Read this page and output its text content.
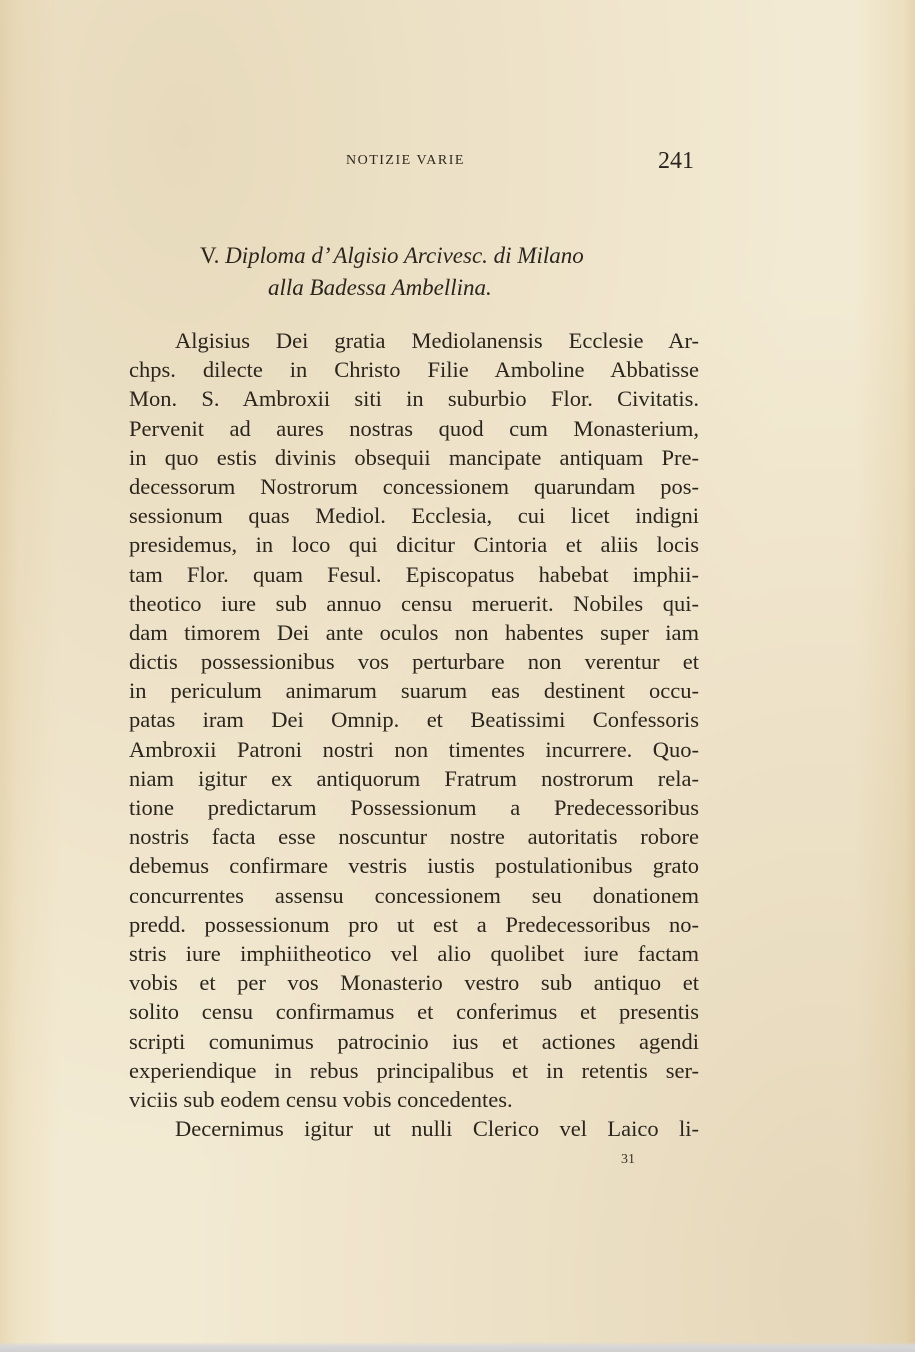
NOTIZIE VARIE	241
V. Diploma d’ Algisio Arcivesc. di Milano
alla Badessa Ambellina.
Algisius Dei gratia Mediolanensis Ecclesie Ar-
chps. dilecte in Christo Filie Amboline Abbatisse
Mon. S. Ambroxii siti in suburbio Flor. Civitatis.
Pervenit ad aures nostras quod cum Monasterium,
in quo estis divinis obsequii mancipate antiquam Pre-
decessorum Nostrorum concessionem quarundam pos-
sessionum quas Mediol. Ecclesia, cui licet indigni
presidemus, in loco qui dicitur Cintoria et aliis locis
tam Flor. quam Fesul. Episcopatus habebat imphii-
theotico iure sub annuo censu meruerit. Nobiles qui-
dam timorem Dei ante oculos non habentes super iam
dictis possessionibus vos perturbare non verentur et
in periculum animarum suarum eas destinent occu-
patas iram Dei Omnip. et Beatissimi Confessoris
Ambroxii Patroni nostri non timentes incurrere. Quo-
niam igitur ex antiquorum Fratrum nostrorum rela-
tione predictarum Possessionum a Predecessoribus
nostris facta esse noscuntur nostre autoritatis robore
debemus confirmare vestris iustis postulationibus grato
concurrentes assensu concessionem seu donationem
predd. possessionum pro ut est a Predecessoribus no-
stris iure imphiitheotico vel alio quolibet iure factam
vobis et per vos Monasterio vestro sub antiquo et
solito censu confirmamus et conferimus et presentis
scripti comunimus patrocinio ius et actiones agendi
experiendique in rebus principalibus et in retentis ser-
viciis sub eodem censu vobis concedentes.
Decernimus igitur ut nulli Clerico vel Laico li-
31
